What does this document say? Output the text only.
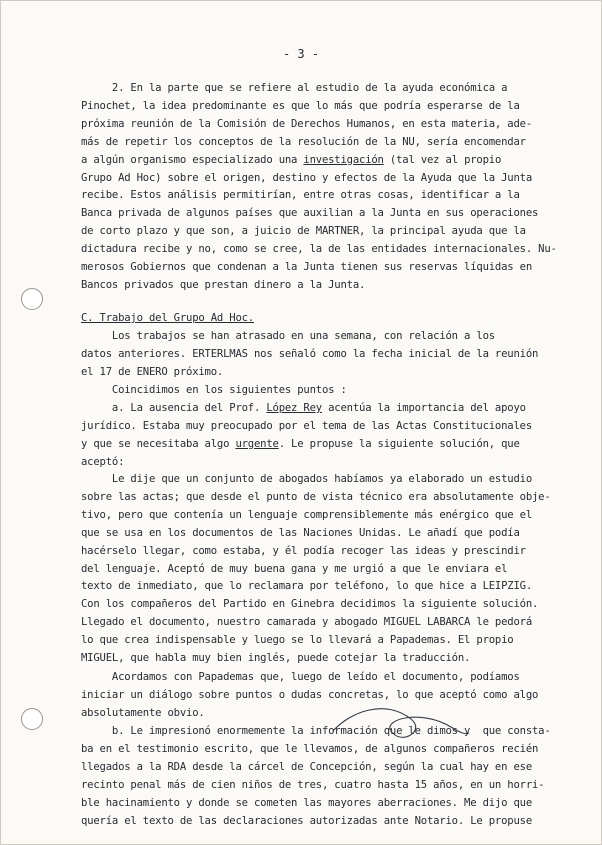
- 3 -
2. En la parte que se refiere al estudio de la ayuda económica a
Pinochet, la idea predominante es que lo más que podría esperarse de la
próxima reunión de la Comisión de Derechos Humanos, en esta materia, ade-
más de repetir los conceptos de la resolución de la NU, sería encomendar
a algún organismo especializado una investigación (tal vez al propio
Grupo Ad Hoc) sobre el origen, destino y efectos de la Ayuda que la Junta
recibe. Estos análisis permitirían, entre otras cosas, identificar a la
Banca privada de algunos países que auxilian a la Junta en sus operaciones
de corto plazo y que son, a juicio de MARTNER, la principal ayuda que la
dictadura recibe y no, como se cree, la de las entidades internacionales. Nu-
merosos Gobiernos que condenan a la Junta tienen sus reservas líquidas en
Bancos privados que prestan dinero a la Junta.
C. Trabajo del Grupo Ad Hoc.
Los trabajos se han atrasado en una semana, con relación a los
datos anteriores. ERTERLMAS nos señaló como la fecha inicial de la reunión
el 17 de ENERO próximo.
Coincidimos en los siguientes puntos :
a. La ausencia del Prof. López Rey acentúa la importancia del apoyo
jurídico. Estaba muy preocupado por el tema de las Actas Constitucionales
y que se necesitaba algo urgente. Le propuse la siguiente solución, que
aceptó:
Le dije que un conjunto de abogados habíamos ya elaborado un estudio
sobre las actas; que desde el punto de vista técnico era absolutamente obje-
tivo, pero que contenía un lenguaje comprensiblemente más enérgico que el
que se usa en los documentos de las Naciones Unidas. Le añadí que podía
hacérselo llegar, como estaba, y él podía recoger las ideas y prescindir
del lenguaje. Aceptó de muy buena gana y me urgió a que le enviara el
texto de inmediato, que lo reclamara por teléfono, lo que hice a LEIPZIG.
Con los compañeros del Partido en Ginebra decidimos la siguiente solución.
Llegado el documento, nuestro camarada y abogado MIGUEL LABARCA le pedorá
lo que crea indispensable y luego se lo llevará a Papademas. El propio
MIGUEL, que habla muy bien inglés, puede cotejar la traducción.
Acordamos con Papademas que, luego de leído el documento, podíamos
iniciar un diálogo sobre puntos o dudas concretas, lo que aceptó como algo
absolutamente obvio.
b. Le impresionó enormemente la información que le dimos y  que consta-
ba en el testimonio escrito, que le llevamos, de algunos compañeros recién
llegados a la RDA desde la cárcel de Concepción, según la cual hay en ese
recinto penal más de cien niños de tres, cuatro hasta 15 años, en un horri-
ble hacinamiento y donde se cometen las mayores aberraciones. Me dijo que
quería el texto de las declaraciones autorizadas ante Notario. Le propuse
